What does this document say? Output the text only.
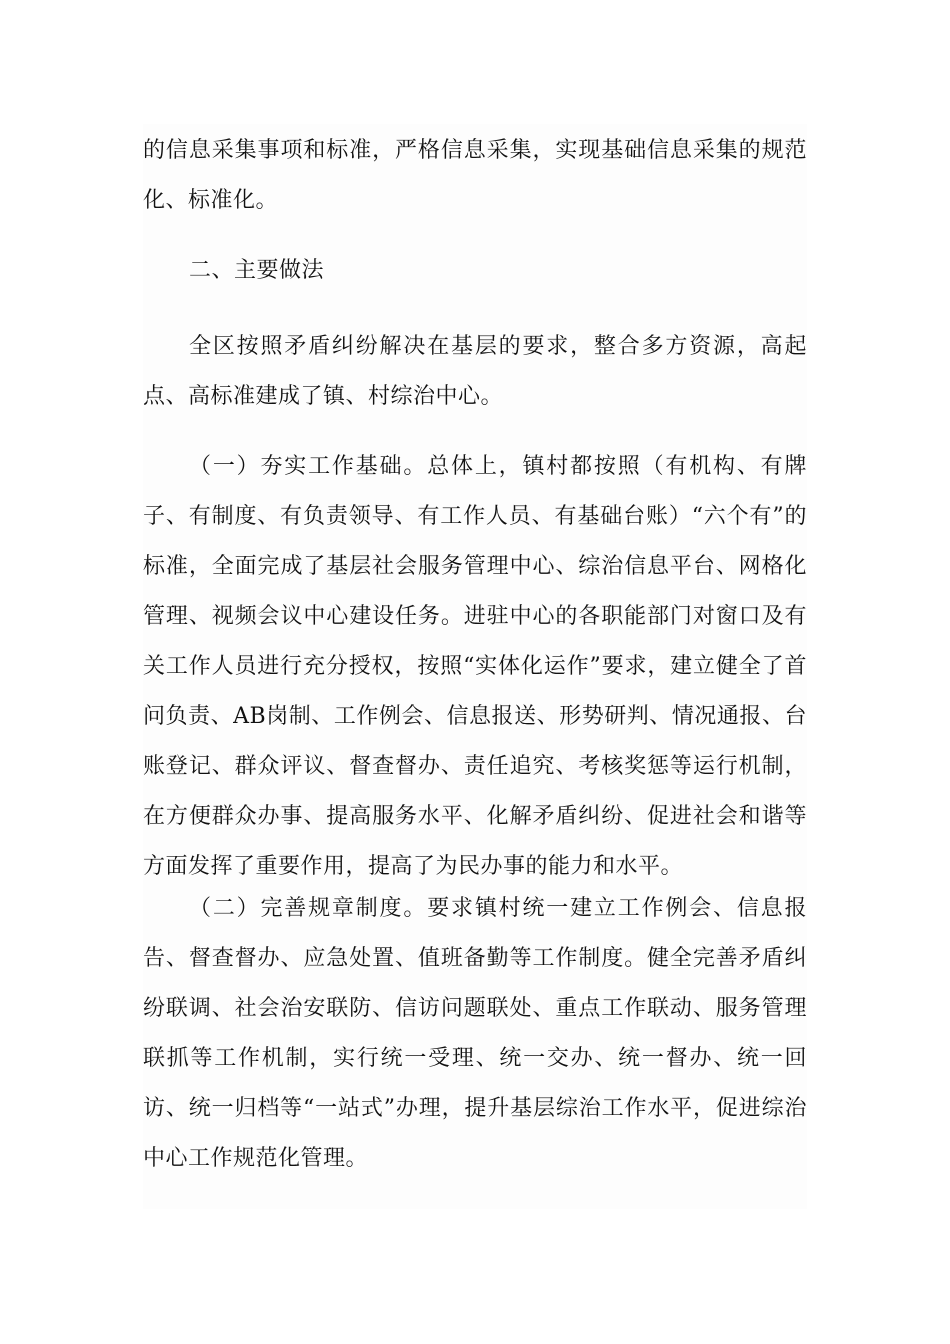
的信息采集事项和标准，严格信息采集，实现基础信息采集的规范化、标准化。

二、主要做法

全区按照矛盾纠纷解决在基层的要求，整合多方资源，高起点、高标准建成了镇、村综治中心。

（一）夯实工作基础。总体上，镇村都按照（有机构、有牌子、有制度、有负责领导、有工作人员、有基础台账）“六个有”的标准，全面完成了基层社会服务管理中心、综治信息平台、网格化管理、视频会议中心建设任务。进驻中心的各职能部门对窗口及有关工作人员进行充分授权，按照“实体化运作”要求，建立健全了首问负责、AB岗制、工作例会、信息报送、形势研判、情况通报、台账登记、群众评议、督查督办、责任追究、考核奖惩等运行机制，在方便群众办事、提高服务水平、化解矛盾纠纷、促进社会和谐等方面发挥了重要作用，提高了为民办事的能力和水平。

（二）完善规章制度。要求镇村统一建立工作例会、信息报告、督查督办、应急处置、值班备勤等工作制度。健全完善矛盾纠纷联调、社会治安联防、信访问题联处、重点工作联动、服务管理联抓等工作机制，实行统一受理、统一交办、统一督办、统一回访、统一归档等“一站式”办理，提升基层综治工作水平，促进综治中心工作规范化管理。
